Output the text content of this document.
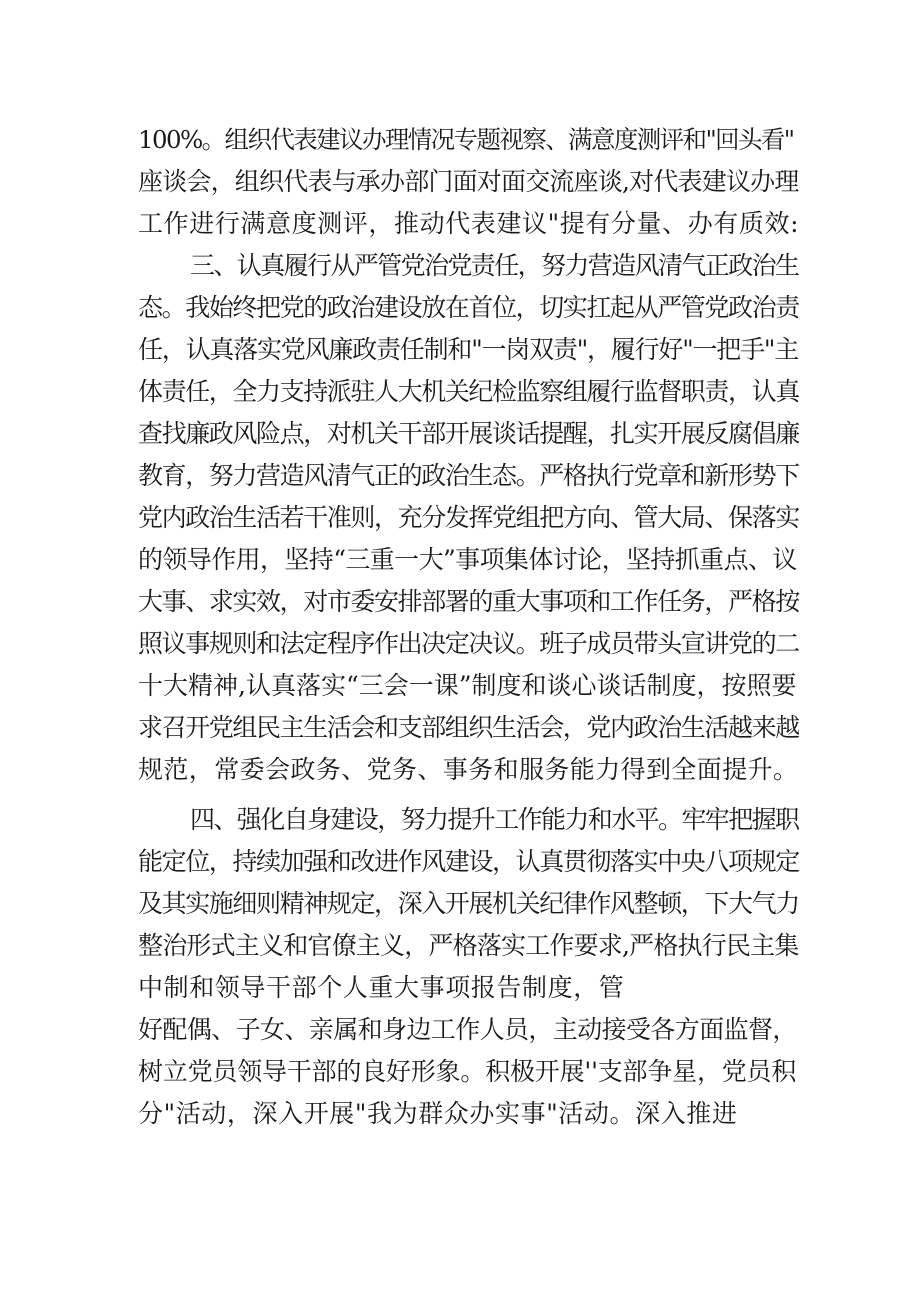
100%。组织代表建议办理情况专题视察、满意度测评和"回头看"
座谈会，组织代表与承办部门面对面交流座谈,对代表建议办理
工作进行满意度测评，推动代表建议"提有分量、办有质效:
三、认真履行从严管党治党责任，努力营造风清气正政治生
态。我始终把党的政治建设放在首位，切实扛起从严管党政治责
任，认真落实党风廉政责任制和"一岗双责"，履行好"一把手"主
体责任，全力支持派驻人大机关纪检监察组履行监督职责，认真
查找廉政风险点，对机关干部开展谈话提醒，扎实开展反腐倡廉
教育，努力营造风清气正的政治生态。严格执行党章和新形势下
党内政治生活若干准则，充分发挥党组把方向、管大局、保落实
的领导作用，坚持“三重一大”事项集体讨论，坚持抓重点、议
大事、求实效，对市委安排部署的重大事项和工作任务，严格按
照议事规则和法定程序作出决定决议。班子成员带头宣讲党的二
十大精神,认真落实“三会一课”制度和谈心谈话制度，按照要
求召开党组民主生活会和支部组织生活会，党内政治生活越来越
规范，常委会政务、党务、事务和服务能力得到全面提升。
四、强化自身建设，努力提升工作能力和水平。牢牢把握职
能定位，持续加强和改进作风建设，认真贯彻落实中央八项规定
及其实施细则精神规定，深入开展机关纪律作风整顿，下大气力
整治形式主义和官僚主义，严格落实工作要求,严格执行民主集
中制和领导干部个人重大事项报告制度，管
好配偶、子女、亲属和身边工作人员，主动接受各方面监督，
树立党员领导干部的良好形象。积极开展''支部争星，党员积
分"活动，深入开展"我为群众办实事"活动。深入推进
